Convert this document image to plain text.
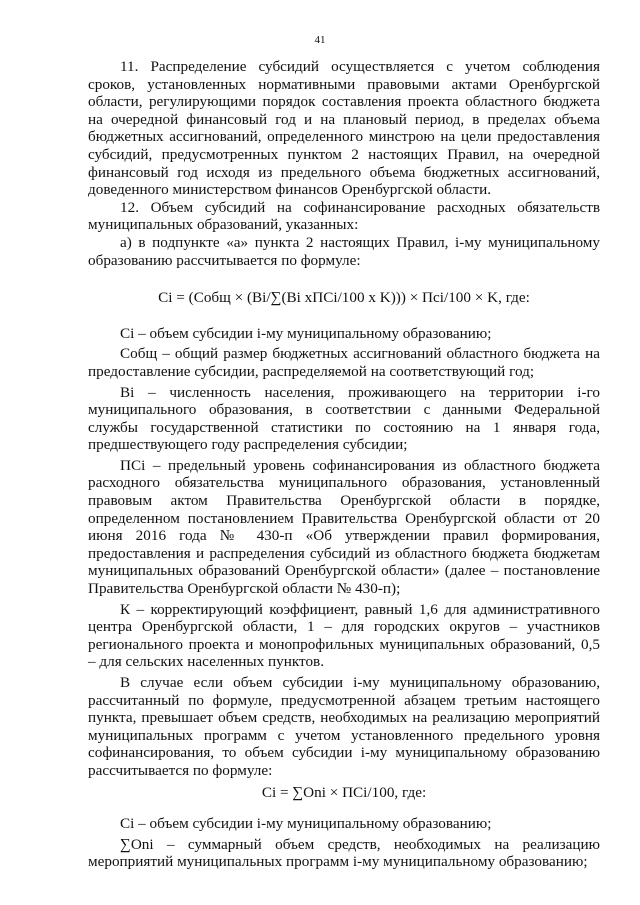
41

11. Распределение субсидий осуществляется с учетом соблюдения сроков, установленных нормативными правовыми актами Оренбургской области, регулирующими порядок составления проекта областного бюджета на очередной финансовый год и на плановый период, в пределах объема бюджетных ассигнований, определенного минстрою на цели предоставления субсидий, предусмотренных пунктом 2 настоящих Правил, на очередной финансовый год исходя из предельного объема бюджетных ассигнований, доведенного министерством финансов Оренбургской области.

12. Объем субсидий на софинансирование расходных обязательств муниципальных образований, указанных:

а) в подпункте «а» пункта 2 настоящих Правил, i-му муниципальному образованию рассчитывается по формуле:

Ci = (Cобщ × (Bi/∑(Bi xПCi/100 x K))) × Пci/100 × K, где:

Ci – объем субсидии i-му муниципальному образованию;

Собщ – общий размер бюджетных ассигнований областного бюджета на предоставление субсидии, распределяемой на соответствующий год;

Bi – численность населения, проживающего на территории i-го муниципального образования, в соответствии с данными Федеральной службы государственной статистики по состоянию на 1 января года, предшествующего году распределения субсидии;

ПCi – предельный уровень софинансирования из областного бюджета расходного обязательства муниципального образования, установленный правовым актом Правительства Оренбургской области в порядке, определенном постановлением Правительства Оренбургской области от 20 июня 2016 года № 430-п «Об утверждении правил формирования, предоставления и распределения субсидий из областного бюджета бюджетам муниципальных образований Оренбургской области» (далее – постановление Правительства Оренбургской области № 430-п);

К – корректирующий коэффициент, равный 1,6 для административного центра Оренбургской области, 1 – для городских округов – участников регионального проекта и монопрофильных муниципальных образований, 0,5 – для сельских населенных пунктов.

В случае если объем субсидии i-му муниципальному образованию, рассчитанный по формуле, предусмотренной абзацем третьим настоящего пункта, превышает объем средств, необходимых на реализацию мероприятий муниципальных программ с учетом установленного предельного уровня софинансирования, то объем субсидии i-му муниципальному образованию рассчитывается по формуле:

Ci = ∑Oni × ПCi/100, где:

Ci – объем субсидии i-му муниципальному образованию;

∑Oni – суммарный объем средств, необходимых на реализацию мероприятий муниципальных программ i-му муниципальному образованию;
